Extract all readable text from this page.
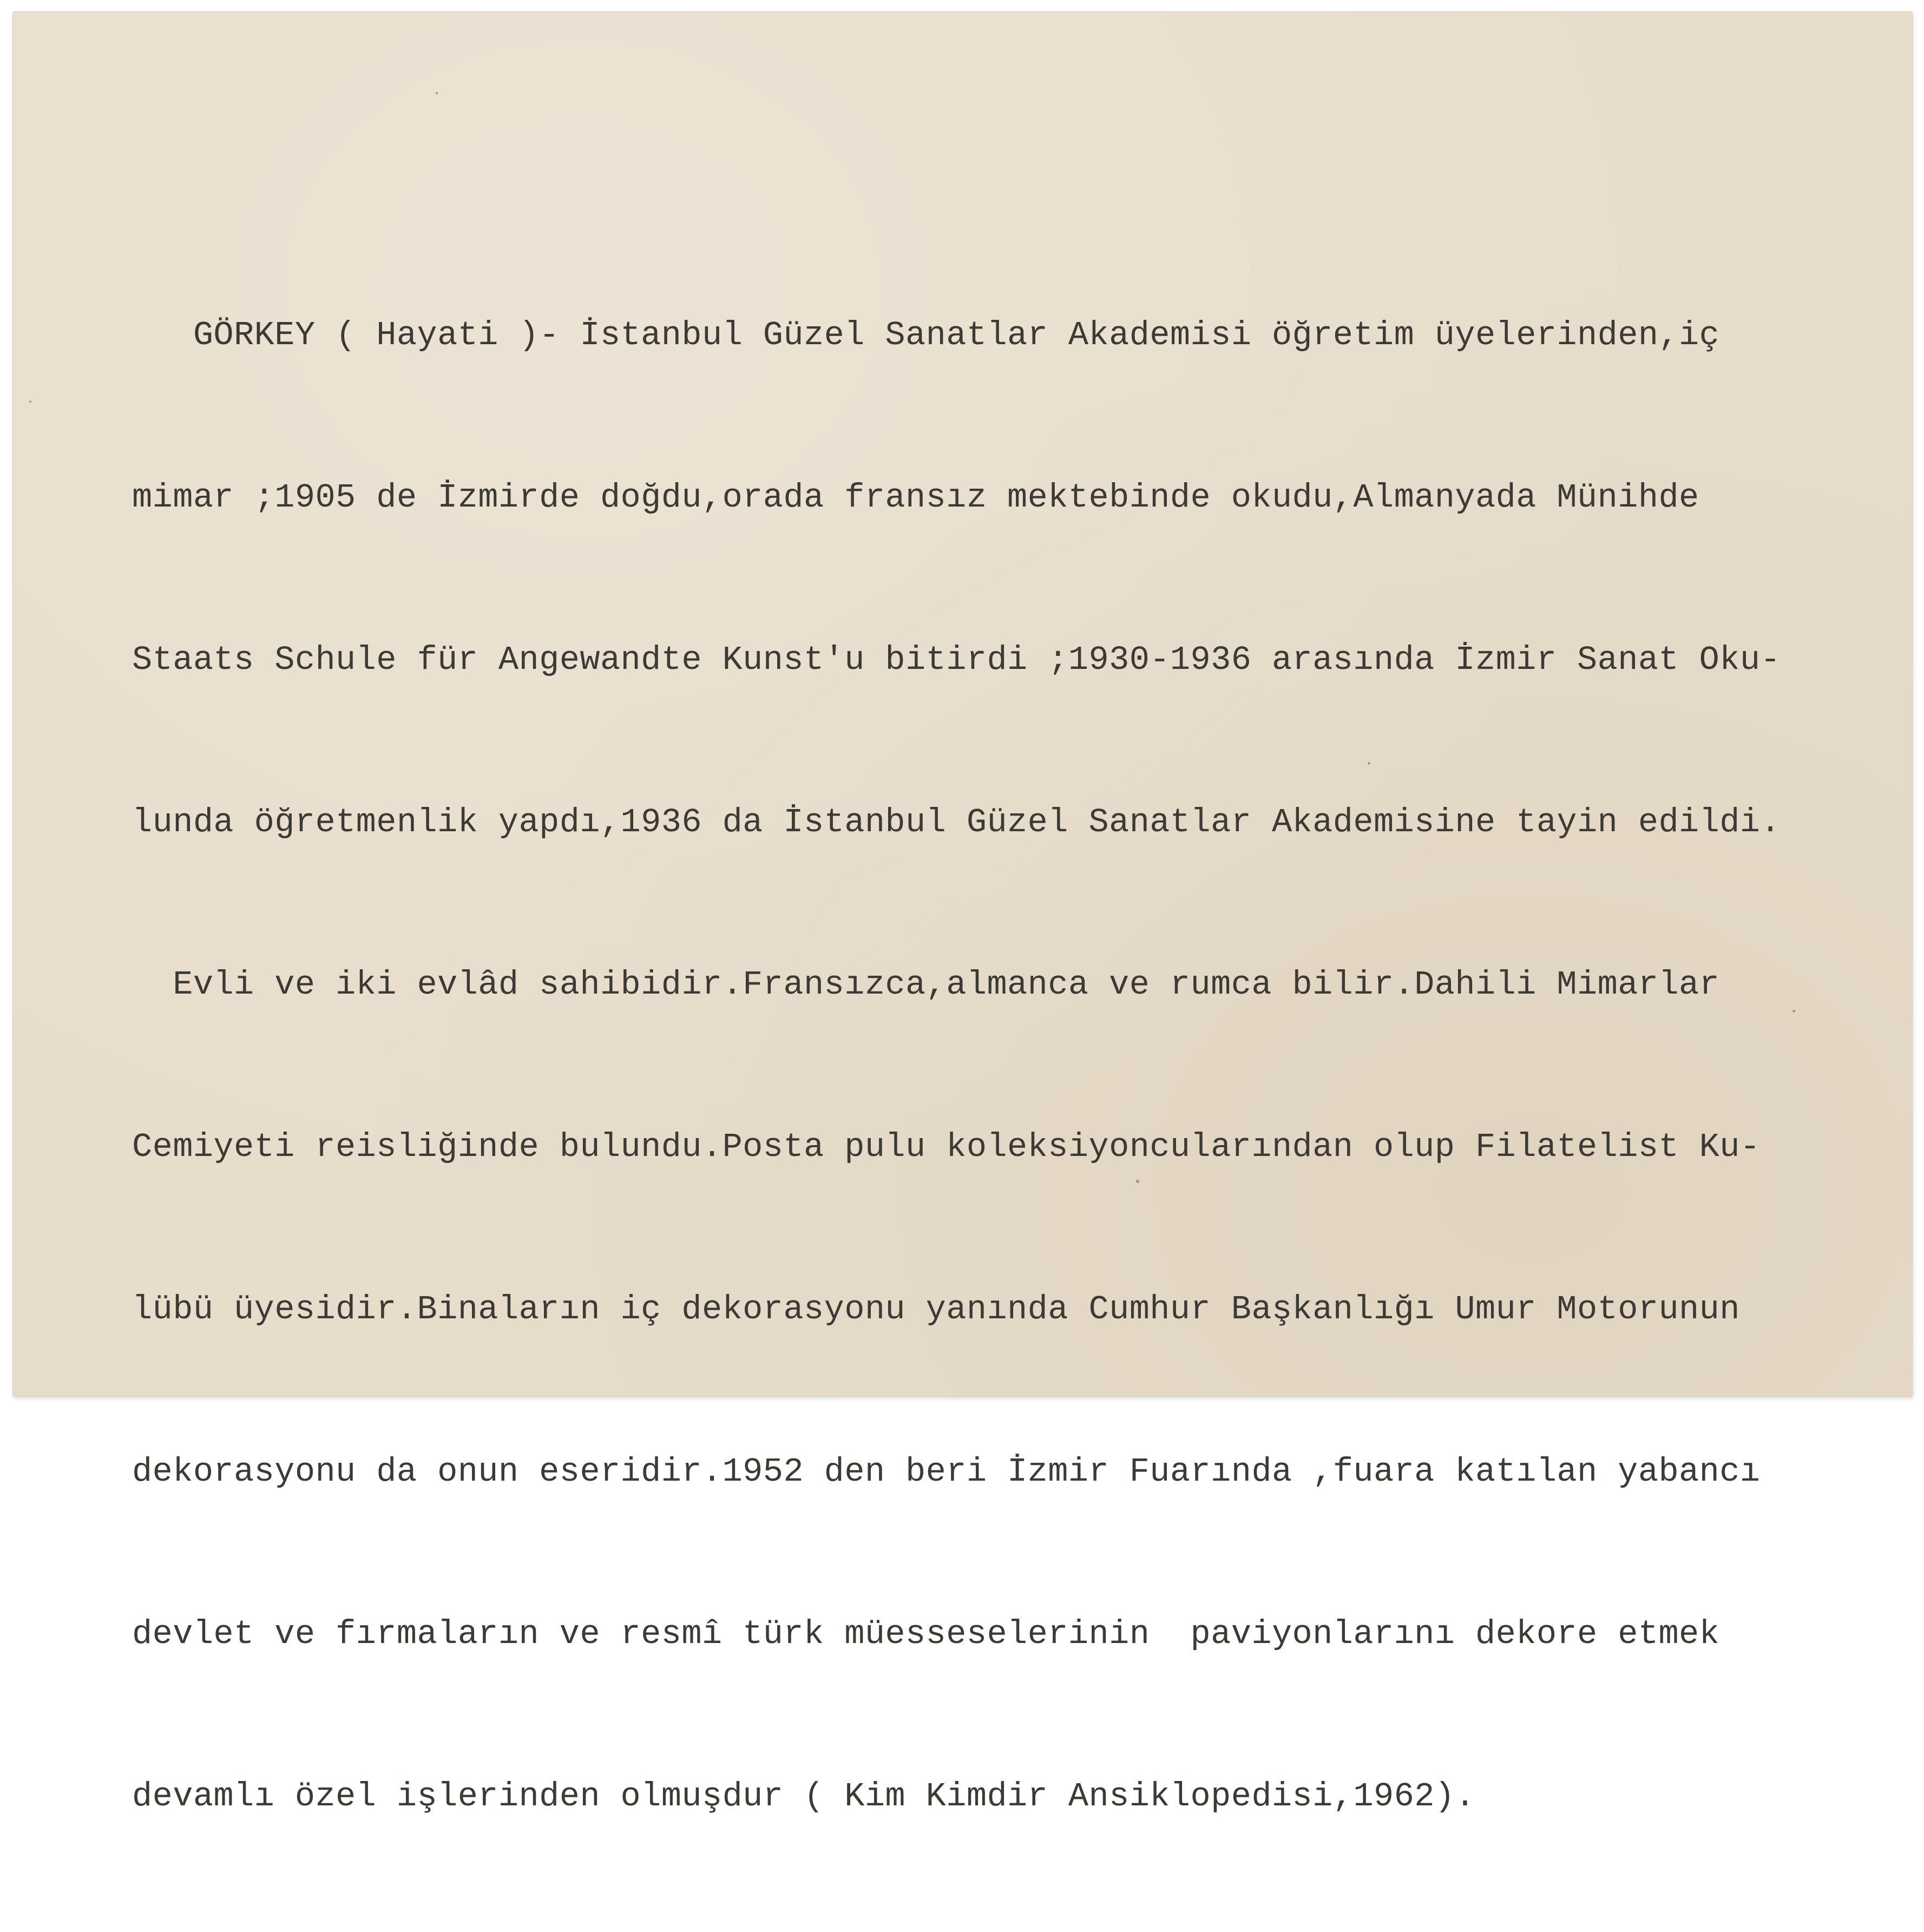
GÖRKEY ( Hayati )- İstanbul Güzel Sanatlar Akademisi öğretim üyelerinden,iç

mimar ;1905 de İzmirde doğdu,orada fransız mektebinde okudu,Almanyada Münihde

Staats Schule für Angewandte Kunst'u bitirdi ;1930-1936 arasında İzmir Sanat Oku-

lunda öğretmenlik yapdı,1936 da İstanbul Güzel Sanatlar Akademisine tayin edildi.

Evli ve iki evlâd sahibidir.Fransızca,almanca ve rumca bilir.Dahili Mimarlar

Cemiyeti reisliğinde bulundu.Posta pulu koleksiyoncularından olup Filatelist Ku-

lübü üyesidir.Binaların iç dekorasyonu yanında Cumhur Başkanlığı Umur Motorunun

dekorasyonu da onun eseridir.1952 den beri İzmir Fuarında ,fuara katılan yabancı

devlet ve fırmaların ve resmî türk müesseselerinin  paviyonlarını dekore etmek

devamlı özel işlerinden olmuşdur ( Kim Kimdir Ansiklopedisi,1962).
